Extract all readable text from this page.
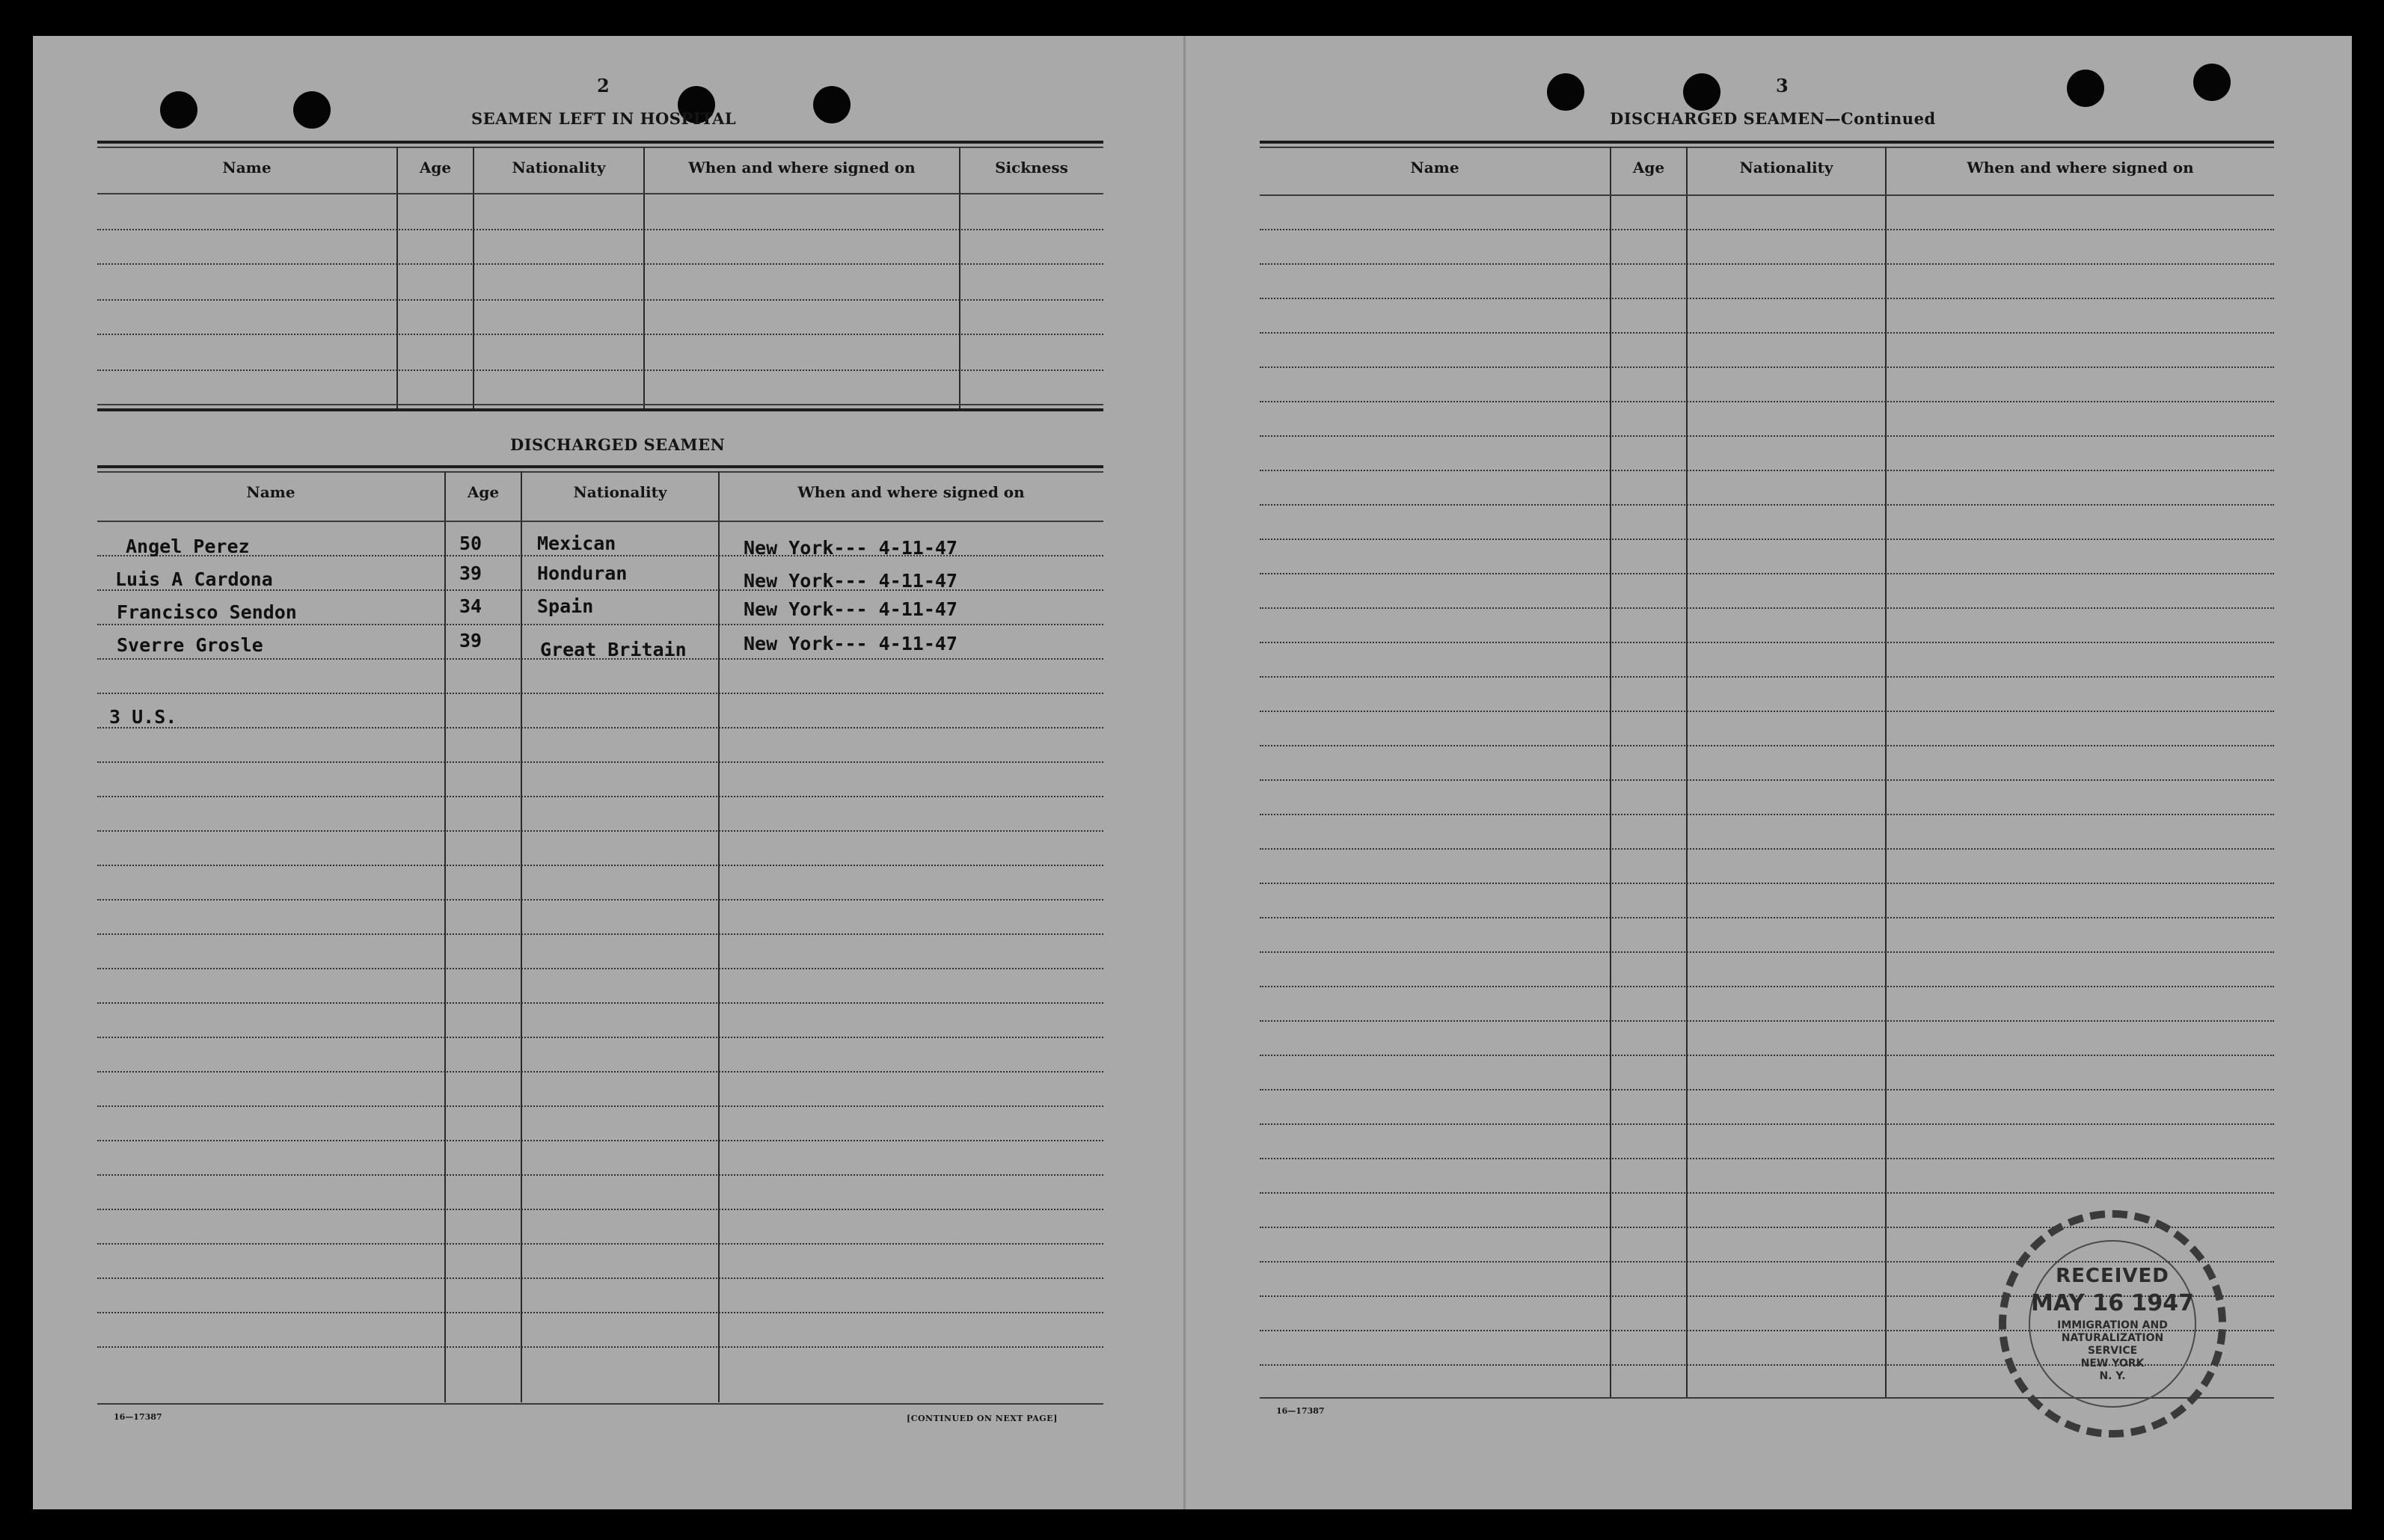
2
SEAMEN LEFT IN HOSPITAL
Name	Age	Nationality	When and where signed on	Sickness
DISCHARGED SEAMEN
Name	Age	Nationality	When and where signed on
Angel Perez	50	Mexican	New York--- 4-11-47
Luis A Cardona	39	Honduran	New York--- 4-11-47
Francisco Sendon	34	Spain	New York--- 4-11-47
Sverre Grosle	39	Great Britain	New York--- 4-11-47
3 U.S.
16—17387	[CONTINUED ON NEXT PAGE]
3
DISCHARGED SEAMEN—Continued
Name	Age	Nationality	When and where signed on
16—17387
RECEIVED
MAY 16 1947
IMMIGRATION AND
NATURALIZATION
SERVICE
NEW YORK
N. Y.
